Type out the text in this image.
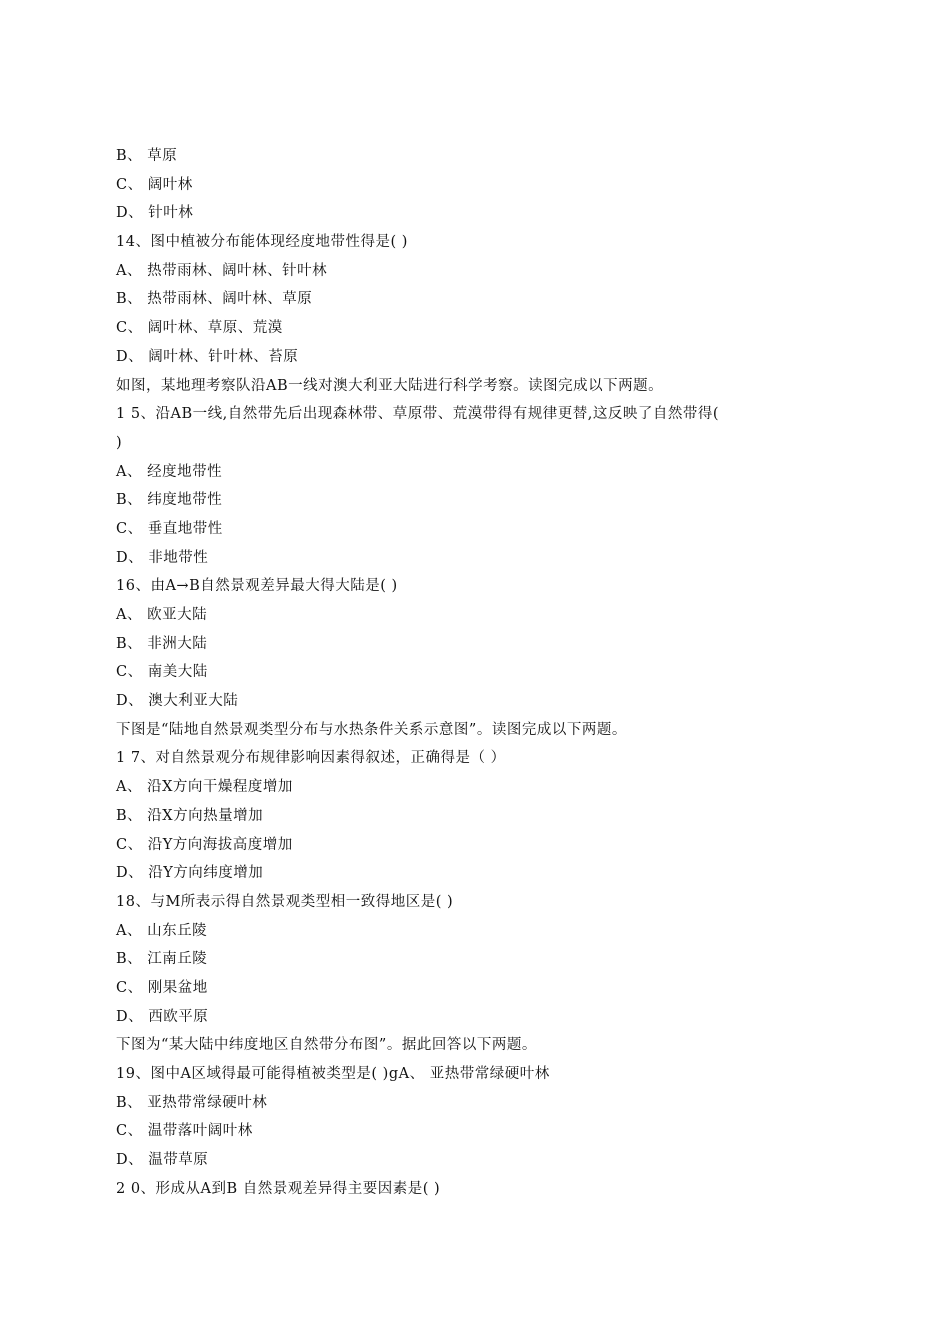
B、 草原
C、 阔叶林
D、 针叶林
14、图中植被分布能体现经度地带性得是( )
A、 热带雨林、阔叶林、针叶林
B、 热带雨林、阔叶林、草原
C、 阔叶林、草原、荒漠
D、 阔叶林、针叶林、苔原
如图，某地理考察队沿AB一线对澳大利亚大陆进行科学考察。读图完成以下两题。
1 5、沿AB一线,自然带先后出现森林带、草原带、荒漠带得有规律更替,这反映了自然带得(
)
A、 经度地带性
B、 纬度地带性
C、 垂直地带性
D、 非地带性
16、由A→B自然景观差异最大得大陆是( )
A、 欧亚大陆
B、 非洲大陆
C、 南美大陆
D、 澳大利亚大陆
下图是“陆地自然景观类型分布与水热条件关系示意图”。读图完成以下两题。
1 7、对自然景观分布规律影响因素得叙述，正确得是（ ）
A、 沿X方向干燥程度增加
B、 沿X方向热量增加
C、 沿Y方向海拔高度增加
D、 沿Y方向纬度增加
18、与M所表示得自然景观类型相一致得地区是( )
A、 山东丘陵
B、 江南丘陵
C、 刚果盆地
D、 西欧平原
下图为“某大陆中纬度地区自然带分布图”。据此回答以下两题。
19、图中A区域得最可能得植被类型是( )gA、 亚热带常绿硬叶林
B、 亚热带常绿硬叶林
C、 温带落叶阔叶林
D、 温带草原
2 0、形成从A到B 自然景观差异得主要因素是( )
